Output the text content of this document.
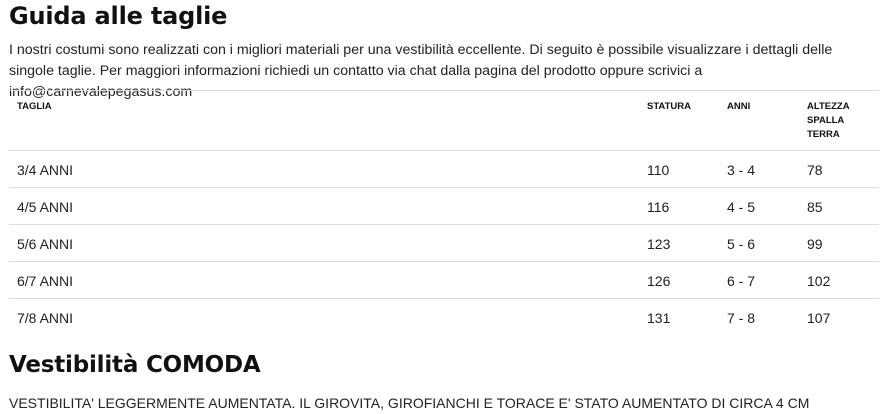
Guida alle taglie

I nostri costumi sono realizzati con i migliori materiali per una vestibilità eccellente. Di seguito è possibile visualizzare i dettagli delle singole taglie. Per maggiori informazioni richiedi un contatto via chat dalla pagina del prodotto oppure scrivici a info@carnevalepegasus.com

TAGLIA	STATURA	ANNI	ALTEZZA SPALLA TERRA
3/4 ANNI	110	3 - 4	78
4/5 ANNI	116	4 - 5	85
5/6 ANNI	123	5 - 6	99
6/7 ANNI	126	6 - 7	102
7/8 ANNI	131	7 - 8	107
Vestibilità COMODA

VESTIBILITA' LEGGERMENTE AUMENTATA. IL GIROVITA, GIROFIANCHI E TORACE E' STATO AUMENTATO DI CIRCA 4 CM
